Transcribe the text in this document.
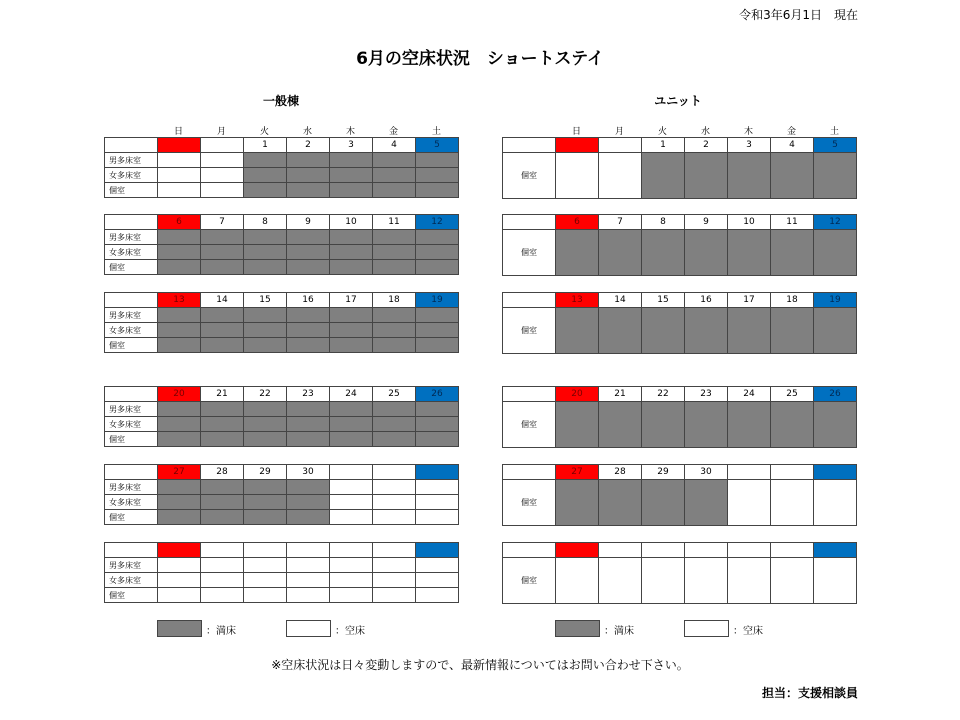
令和3年6月1日　現在
6月の空床状況　ショートステイ
一般棟	ユニット
日	月	火	水	木	金	土	日	月	火	水	木	金	土
			1	2	3	4	5
男多床室							
女多床室							
個室							
	6	7	8	9	10	11	12
男多床室							
女多床室							
個室							
	13	14	15	16	17	18	19
男多床室							
女多床室							
個室							
	20	21	22	23	24	25	26
男多床室							
女多床室							
個室							
	27	28	29	30			
男多床室							
女多床室							
個室							

男多床室							
女多床室							
個室							
			1	2	3	4	5
個室							
	6	7	8	9	10	11	12
個室							
	13	14	15	16	17	18	19
個室							
	20	21	22	23	24	25	26
個室							
	27	28	29	30			
個室							

個室							
：満床	：空床	：満床	：空床
※空床状況は日々変動しますので、最新情報についてはお問い合わせ下さい。
担当：支援相談員
